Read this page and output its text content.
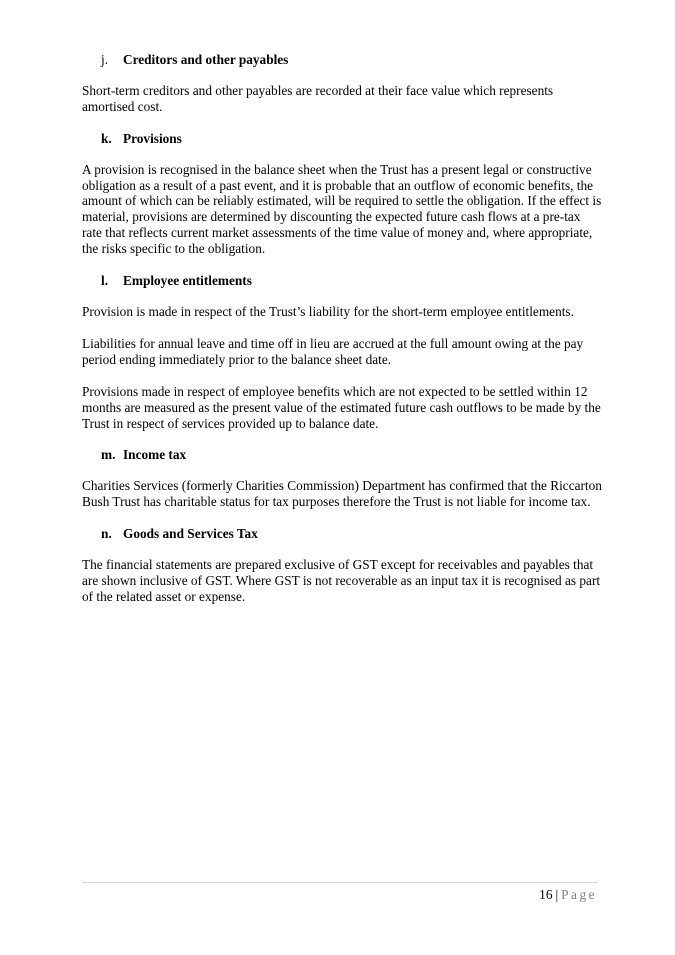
j.	Creditors and other payables

Short-term creditors and other payables are recorded at their face value which represents amortised cost.

k. Provisions

A provision is recognised in the balance sheet when the Trust has a present legal or constructive obligation as a result of a past event, and it is probable that an outflow of economic benefits, the amount of which can be reliably estimated, will be required to settle the obligation. If the effect is material, provisions are determined by discounting the expected future cash flows at a pre-tax rate that reflects current market assessments of the time value of money and, where appropriate, the risks specific to the obligation.

l.	Employee entitlements

Provision is made in respect of the Trust’s liability for the short-term employee entitlements.

Liabilities for annual leave and time off in lieu are accrued at the full amount owing at the pay period ending immediately prior to the balance sheet date.

Provisions made in respect of employee benefits which are not expected to be settled within 12 months are measured as the present value of the estimated future cash outflows to be made by the Trust in respect of services provided up to balance date.

m. Income tax

Charities Services (formerly Charities Commission) Department has confirmed that the Riccarton Bush Trust has charitable status for tax purposes therefore the Trust is not liable for income tax.

n. Goods and Services Tax

The financial statements are prepared exclusive of GST except for receivables and payables that are shown inclusive of GST. Where GST is not recoverable as an input tax it is recognised as part of the related asset or expense.

16 | Page
